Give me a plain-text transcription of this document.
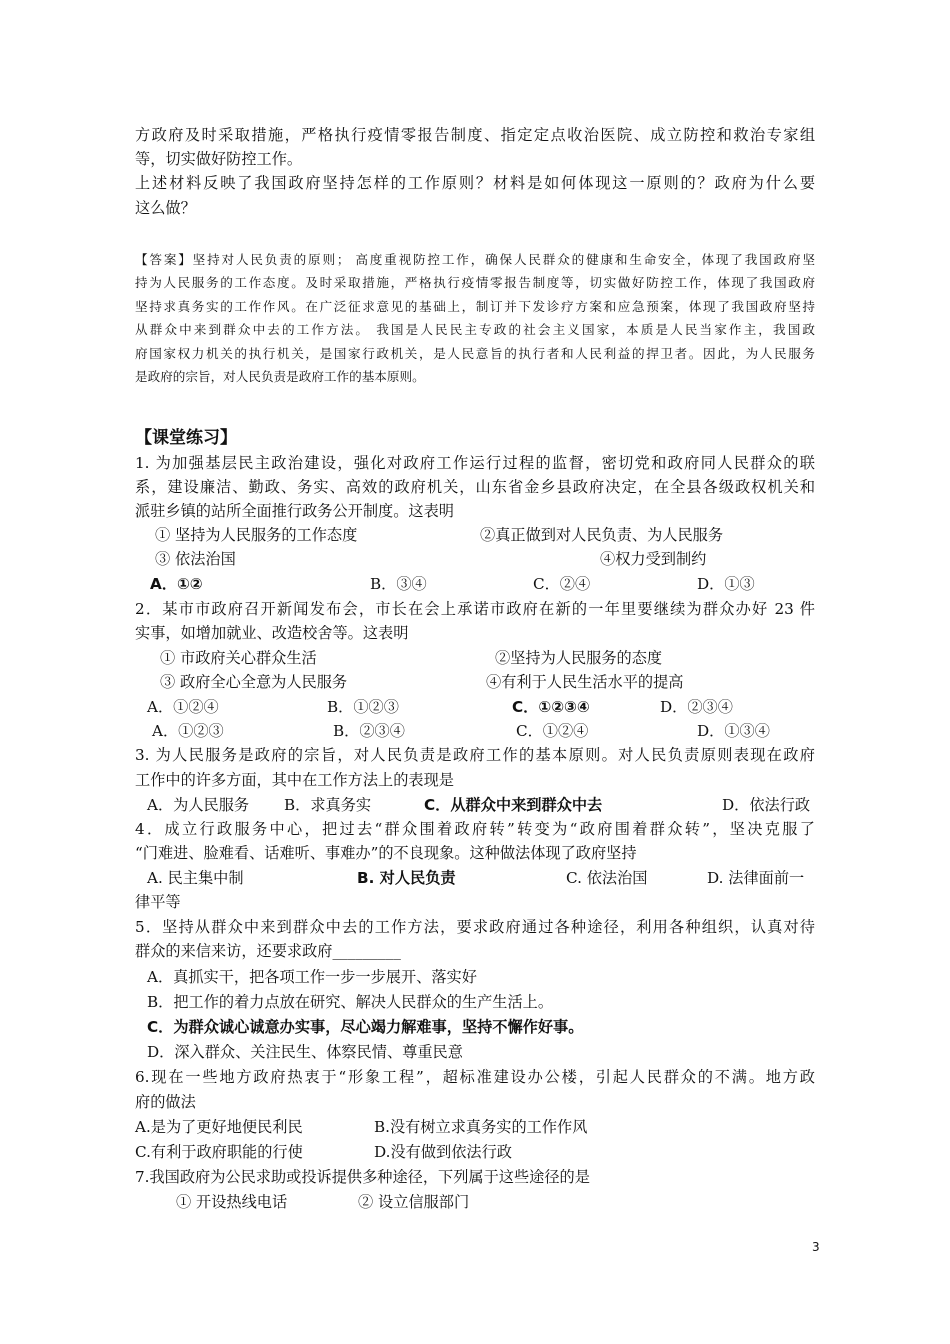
方政府及时采取措施，严格执行疫情零报告制度、指定定点收治医院、成立防控和救治专家组
等，切实做好防控工作。
上述材料反映了我国政府坚持怎样的工作原则？材料是如何体现这一原则的？政府为什么要
这么做？
【答案】坚持对人民负责的原则； 高度重视防控工作，确保人民群众的健康和生命安全，体现了我国政府坚
持为人民服务的工作态度。及时采取措施，严格执行疫情零报告制度等，切实做好防控工作，体现了我国政府
坚持求真务实的工作作风。在广泛征求意见的基础上，制订并下发诊疗方案和应急预案，体现了我国政府坚持
从群众中来到群众中去的工作方法。 我国是人民民主专政的社会主义国家，本质是人民当家作主，我国政
府国家权力机关的执行机关，是国家行政机关，是人民意旨的执行者和人民利益的捍卫者。因此，为人民服务
是政府的宗旨，对人民负责是政府工作的基本原则。
【课堂练习】
1. 为加强基层民主政治建设，强化对政府工作运行过程的监督，密切党和政府同人民群众的联
系，建设廉洁、勤政、务实、高效的政府机关，山东省金乡县政府决定，在全县各级政权机关和
派驻乡镇的站所全面推行政务公开制度。这表明
① 坚持为人民服务的工作态度	②真正做到对人民负责、为人民服务
③ 依法治国	④权力受到制约
A．①②	B．③④	C．②④	D．①③
2．某市市政府召开新闻发布会，市长在会上承诺市政府在新的一年里要继续为群众办好 23 件
实事，如增加就业、改造校舍等。这表明
① 市政府关心群众生活	②坚持为人民服务的态度
③ 政府全心全意为人民服务	④有利于人民生活水平的提高
A．①②④	B．①②③	C．①②③④	D．②③④
A．①②③	B．②③④	C．①②④	D．①③④
3. 为人民服务是政府的宗旨，对人民负责是政府工作的基本原则。对人民负责原则表现在政府
工作中的许多方面，其中在工作方法上的表现是
A．为人民服务 B．求真务实	C．从群众中来到群众中去	D．依法行政
4．成立行政服务中心，把过去“群众围着政府转”转变为“政府围着群众转”，坚决克服了
“门难进、脸难看、话难听、事难办”的不良现象。这种做法体现了政府坚持
A. 民主集中制	B. 对人民负责	C. 依法治国	D. 法律面前一
律平等
5．坚持从群众中来到群众中去的工作方法，要求政府通过各种途径，利用各种组织，认真对待
群众的来信来访，还要求政府_________
A．真抓实干，把各项工作一步一步展开、落实好
B．把工作的着力点放在研究、解决人民群众的生产生活上。
C．为群众诚心诚意办实事，尽心竭力解难事，坚持不懈作好事。
D．深入群众、关注民生、体察民情、尊重民意
6.现在一些地方政府热衷于“形象工程”，超标准建设办公楼，引起人民群众的不满。地方政
府的做法
A.是为了更好地便民利民	B.没有树立求真务实的工作作风
C.有利于政府职能的行使	D.没有做到依法行政
7.我国政府为公民求助或投诉提供多种途径，下列属于这些途径的是
① 开设热线电话	② 设立信服部门
3
